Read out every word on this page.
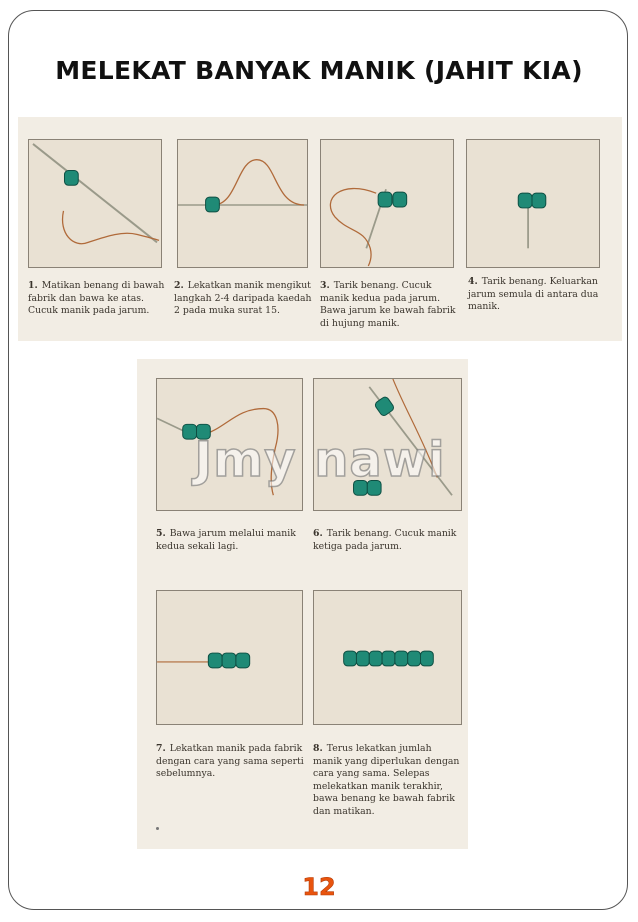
MELEKAT BANYAK MANIK (JAHIT KIA)
1. Matikan benang di bawah fabrik dan bawa ke atas. Cucuk manik pada jarum.
2. Lekatkan manik mengikut langkah 2-4 daripada kaedah 2 pada muka surat 15.
3. Tarik benang. Cucuk manik kedua pada jarum. Bawa jarum ke bawah fabrik di hujung manik.
4. Tarik benang. Keluarkan jarum semula di antara dua manik.
5. Bawa jarum melalui manik kedua sekali lagi.
6. Tarik benang. Cucuk manik ketiga pada jarum.
7. Lekatkan manik pada fabrik dengan cara yang sama seperti sebelumnya.
8. Terus lekatkan jumlah manik yang diperlukan dengan cara yang sama. Selepas melekatkan manik terakhir, bawa benang ke bawah fabrik dan matikan.
Jmy nawi
12
